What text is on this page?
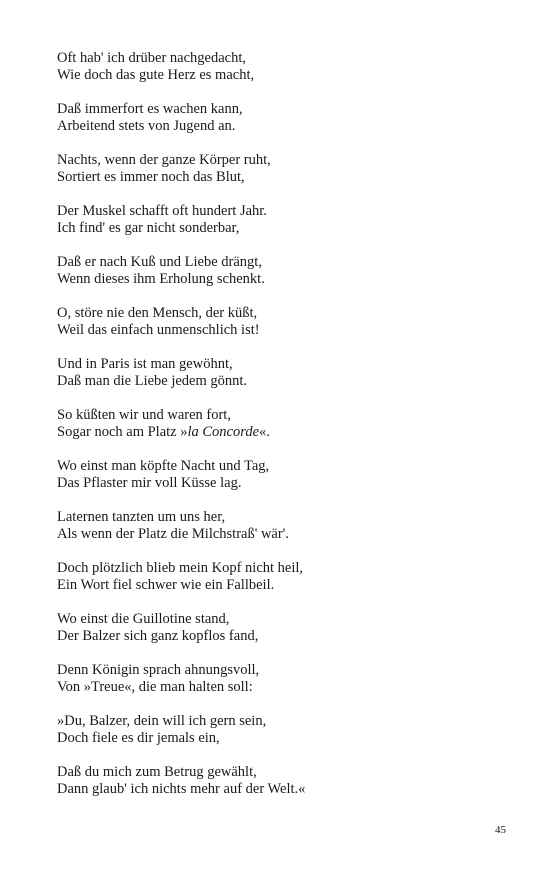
Oft hab' ich drüber nachgedacht,
Wie doch das gute Herz es macht,
Daß immerfort es wachen kann,
Arbeitend stets von Jugend an.
Nachts, wenn der ganze Körper ruht,
Sortiert es immer noch das Blut,
Der Muskel schafft oft hundert Jahr.
Ich find' es gar nicht sonderbar,
Daß er nach Kuß und Liebe drängt,
Wenn dieses ihm Erholung schenkt.
O, störe nie den Mensch, der küßt,
Weil das einfach unmenschlich ist!
Und in Paris ist man gewöhnt,
Daß man die Liebe jedem gönnt.
So küßten wir und waren fort,
Sogar noch am Platz »la Concorde«.
Wo einst man köpfte Nacht und Tag,
Das Pflaster mir voll Küsse lag.
Laternen tanzten um uns her,
Als wenn der Platz die Milchstraß' wär'.
Doch plötzlich blieb mein Kopf nicht heil,
Ein Wort fiel schwer wie ein Fallbeil.
Wo einst die Guillotine stand,
Der Balzer sich ganz kopflos fand,
Denn Königin sprach ahnungsvoll,
Von »Treue«, die man halten soll:
»Du, Balzer, dein will ich gern sein,
Doch fiele es dir jemals ein,
Daß du mich zum Betrug gewählt,
Dann glaub' ich nichts mehr auf der Welt.«
45
